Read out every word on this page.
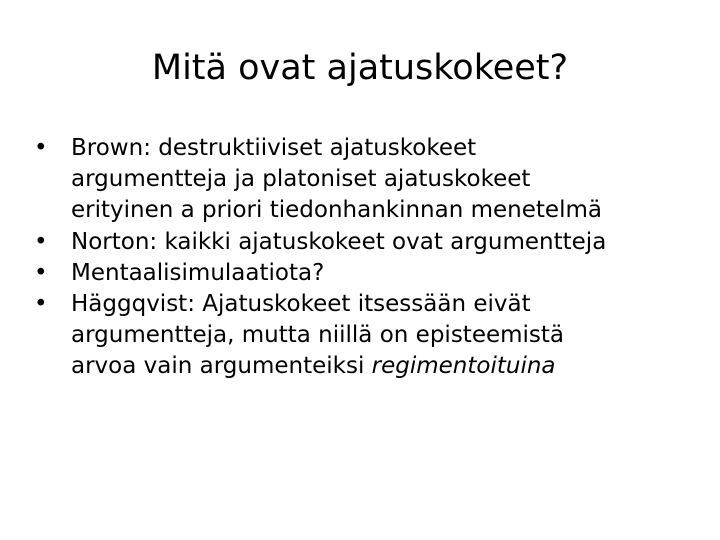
Mitä ovat ajatuskokeet?
•	Brown: destruktiiviset ajatuskokeet
argumentteja ja platoniset ajatuskokeet
erityinen a priori tiedonhankinnan menetelmä
•	Norton: kaikki ajatuskokeet ovat argumentteja
•	Mentaalisimulaatiota?
•	Häggqvist: Ajatuskokeet itsessään eivät
argumentteja, mutta niillä on episteemistä
arvoa vain argumenteiksi regimentoituina
